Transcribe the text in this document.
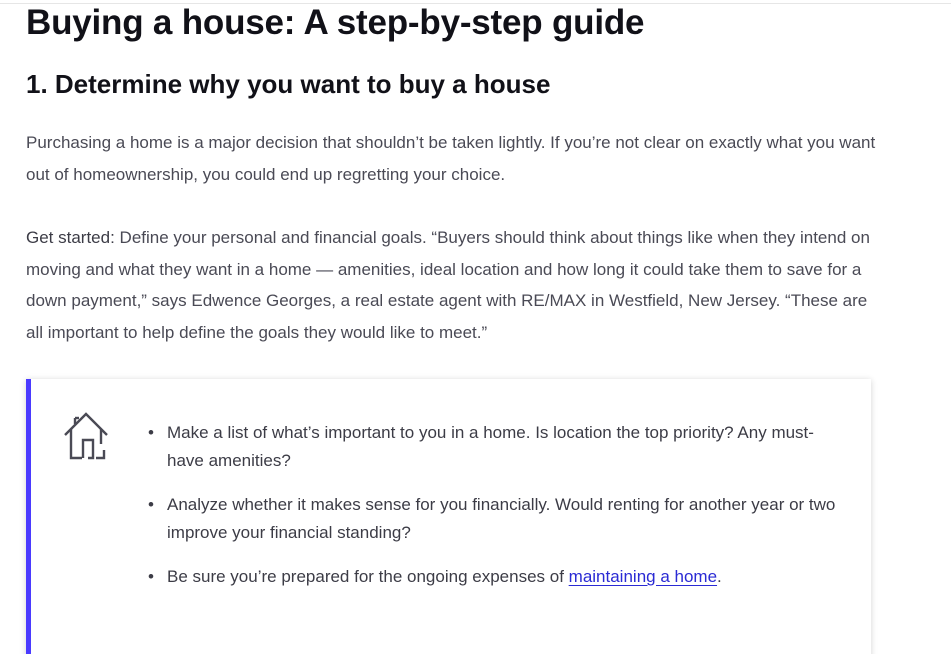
Buying a house: A step-by-step guide
1. Determine why you want to buy a house

Purchasing a home is a major decision that shouldn’t be taken lightly. If you’re not clear on exactly what you want out of homeownership, you could end up regretting your choice.

Get started: Define your personal and financial goals. “Buyers should think about things like when they intend on moving and what they want in a home — amenities, ideal location and how long it could take them to save for a down payment,” says Edwence Georges, a real estate agent with RE/MAX in Westfield, New Jersey. “These are all important to help define the goals they would like to meet.”

• Make a list of what’s important to you in a home. Is location the top priority? Any must-have amenities?
• Analyze whether it makes sense for you financially. Would renting for another year or two improve your financial standing?
• Be sure you’re prepared for the ongoing expenses of maintaining a home.
